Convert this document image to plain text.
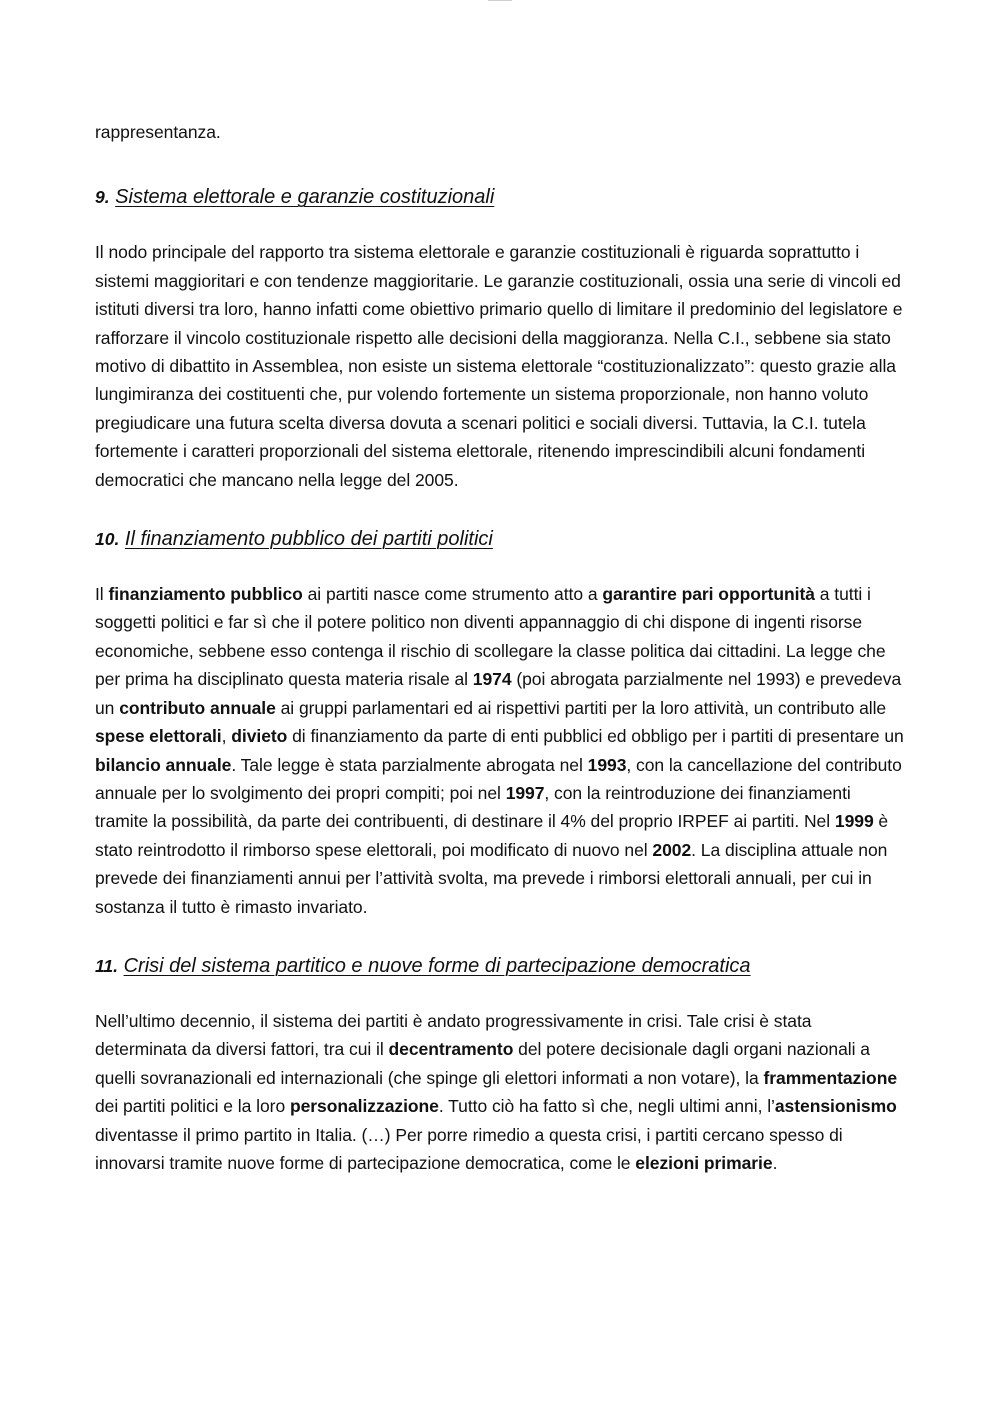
rappresentanza.

9. Sistema elettorale e garanzie costituzionali

Il nodo principale del rapporto tra sistema elettorale e garanzie costituzionali è riguarda soprattutto i sistemi maggioritari e con tendenze maggioritarie. Le garanzie costituzionali, ossia una serie di vincoli ed istituti diversi tra loro, hanno infatti come obiettivo primario quello di limitare il predominio del legislatore e rafforzare il vincolo costituzionale rispetto alle decisioni della maggioranza. Nella C.I., sebbene sia stato motivo di dibattito in Assemblea, non esiste un sistema elettorale “costituzionalizzato”: questo grazie alla lungimiranza dei costituenti che, pur volendo fortemente un sistema proporzionale, non hanno voluto pregiudicare una futura scelta diversa dovuta a scenari politici e sociali diversi. Tuttavia, la C.I. tutela fortemente i caratteri proporzionali del sistema elettorale, ritenendo imprescindibili alcuni fondamenti democratici che mancano nella legge del 2005.

10. Il finanziamento pubblico dei partiti politici

Il finanziamento pubblico ai partiti nasce come strumento atto a garantire pari opportunità a tutti i soggetti politici e far sì che il potere politico non diventi appannaggio di chi dispone di ingenti risorse economiche, sebbene esso contenga il rischio di scollegare la classe politica dai cittadini. La legge che per prima ha disciplinato questa materia risale al 1974 (poi abrogata parzialmente nel 1993) e prevedeva un contributo annuale ai gruppi parlamentari ed ai rispettivi partiti per la loro attività, un contributo alle spese elettorali, divieto di finanziamento da parte di enti pubblici ed obbligo per i partiti di presentare un bilancio annuale. Tale legge è stata parzialmente abrogata nel 1993, con la cancellazione del contributo annuale per lo svolgimento dei propri compiti; poi nel 1997, con la reintroduzione dei finanziamenti tramite la possibilità, da parte dei contribuenti, di destinare il 4% del proprio IRPEF ai partiti. Nel 1999 è stato reintrodotto il rimborso spese elettorali, poi modificato di nuovo nel 2002. La disciplina attuale non prevede dei finanziamenti annui per l’attività svolta, ma prevede i rimborsi elettorali annuali, per cui in sostanza il tutto è rimasto invariato.

11. Crisi del sistema partitico e nuove forme di partecipazione democratica

Nell’ultimo decennio, il sistema dei partiti è andato progressivamente in crisi. Tale crisi è stata determinata da diversi fattori, tra cui il decentramento del potere decisionale dagli organi nazionali a quelli sovranazionali ed internazionali (che spinge gli elettori informati a non votare), la frammentazione dei partiti politici e la loro personalizzazione. Tutto ciò ha fatto sì che, negli ultimi anni, l’astensionismo diventasse il primo partito in Italia. (…) Per porre rimedio a questa crisi, i partiti cercano spesso di innovarsi tramite nuove forme di partecipazione democratica, come le elezioni primarie.
